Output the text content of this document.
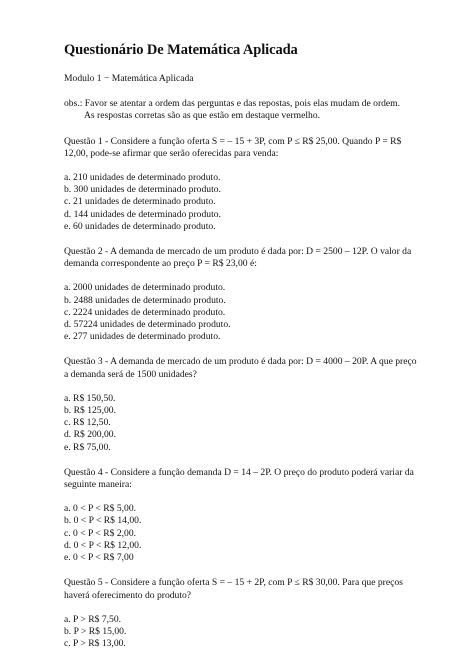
Questionário De Matemática Aplicada
Modulo 1 − Matemática Aplicada
obs.: Favor se atentar a ordem das perguntas e das repostas, pois elas mudam de ordem.
As respostas corretas são as que estão em destaque vermelho.
Questão 1 - Considere a função oferta S = – 15 + 3P, com P ≤ R$ 25,00. Quando P = R$ 12,00, pode-se afirmar que serão oferecidas para venda:
a. 210 unidades de determinado produto.
b. 300 unidades de determinado produto.
c. 21 unidades de determinado produto.
d. 144 unidades de determinado produto.
e. 60 unidades de determinado produto.
Questão 2 - A demanda de mercado de um produto é dada por: D = 2500 – 12P. O valor da demanda correspondente ao preço P = R$ 23,00 é:
a. 2000 unidades de determinado produto.
b. 2488 unidades de determinado produto.
c. 2224 unidades de determinado produto.
d. 57224 unidades de determinado produto.
e. 277 unidades de determinado produto.
Questão 3 - A demanda de mercado de um produto é dada por: D = 4000 – 20P. A que preço a demanda será de 1500 unidades?
a. R$ 150,50.
b. R$ 125,00.
c. R$ 12,50.
d. R$ 200,00.
e. R$ 75,00.
Questão 4 - Considere a função demanda D = 14 – 2P. O preço do produto poderá variar da seguinte maneira:
a. 0 < P < R$ 5,00.
b. 0 < P < R$ 14,00.
c. 0 < P < R$ 2,00.
d. 0 < P < R$ 12,00.
e. 0 < P < R$ 7,00
Questão 5 - Considere a função oferta S = – 15 + 2P, com P ≤ R$ 30,00. Para que preços haverá oferecimento do produto?
a. P > R$ 7,50.
b. P > R$ 15,00.
c. P > R$ 13,00.
